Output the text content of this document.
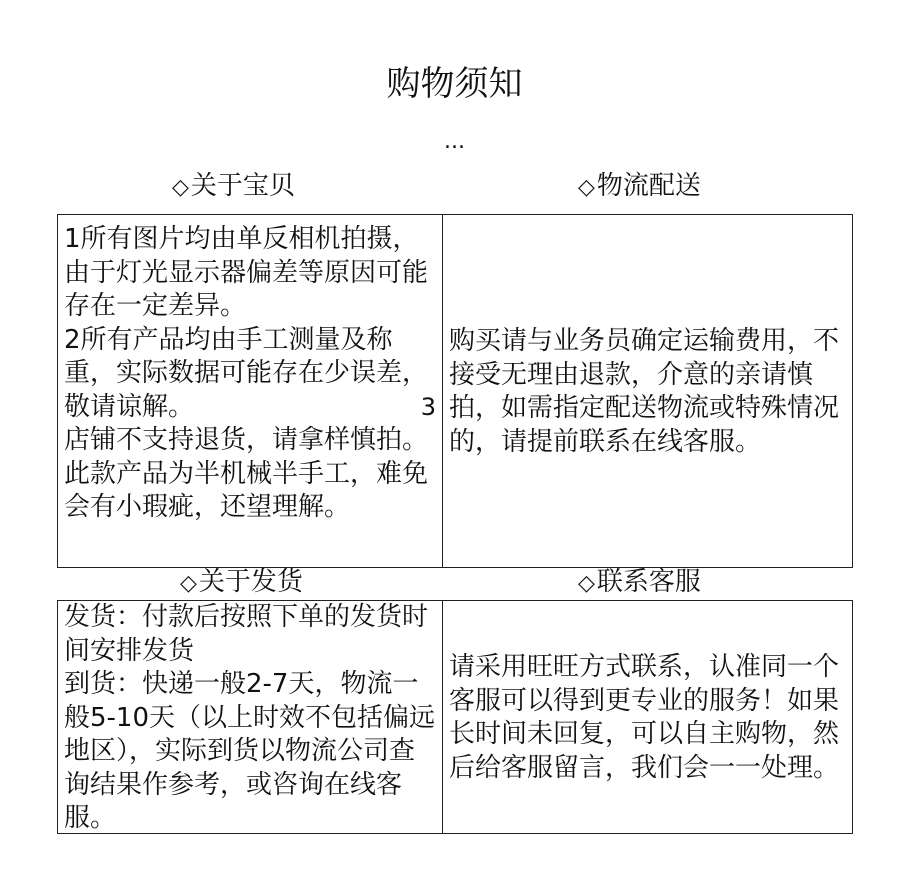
购物须知
...
◇关于宝贝	◇物流配送

1所有图片均由单反相机拍摄，由于灯光显示器偏差等原因可能存在一定差异。
2所有产品均由手工测量及称重，实际数据可能存在少误差，敬请谅解。
店铺不支持退货，请拿样慎拍。此款产品为半机械半手工，难免会有小瑕疵，还望理解。

3

购买请与业务员确定运输费用，不接受无理由退款，介意的亲请慎拍，如需指定配送物流或特殊情况的，请提前联系在线客服。

◇关于发货	◇联系客服

发货：付款后按照下单的发货时间安排发货
到货：快递一般2-7天，物流一般5-10天（以上时效不包括偏远地区），实际到货以物流公司查询结果作参考，或咨询在线客服。

请采用旺旺方式联系，认准同一个客服可以得到更专业的服务！如果长时间未回复，可以自主购物，然后给客服留言，我们会一一处理。
